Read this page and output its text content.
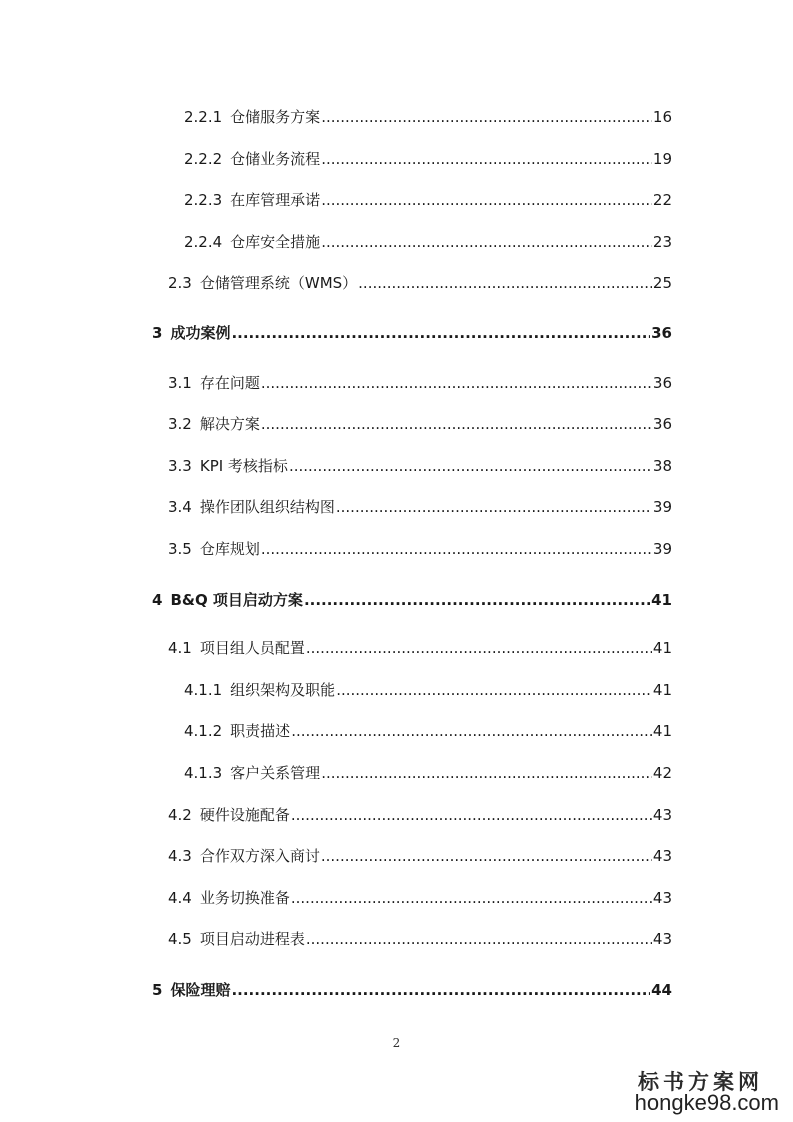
2.2.1 仓储服务方案 .....	16
2.2.2 仓储业务流程 .....	19
2.2.3 在库管理承诺 .....	22
2.2.4 仓库安全措施 .....	23
2.3 仓储管理系统（WMS） .....	25
3 成功案例 .....	36
3.1 存在问题 .....	36
3.2 解决方案 .....	36
3.3 KPI 考核指标 .....	38
3.4 操作团队组织结构图 .....	39
3.5 仓库规划 .....	39
4 B&Q 项目启动方案 .....	41
4.1 项目组人员配置 .....	41
4.1.1 组织架构及职能 .....	41
4.1.2 职责描述 .....	41
4.1.3 客户关系管理 .....	42
4.2 硬件设施配备 .....	43
4.3 合作双方深入商讨 .....	43
4.4 业务切换准备 .....	43
4.5 项目启动进程表 .....	43
5 保险理赔 .....	44
2
标书方案网
hongke98.com
